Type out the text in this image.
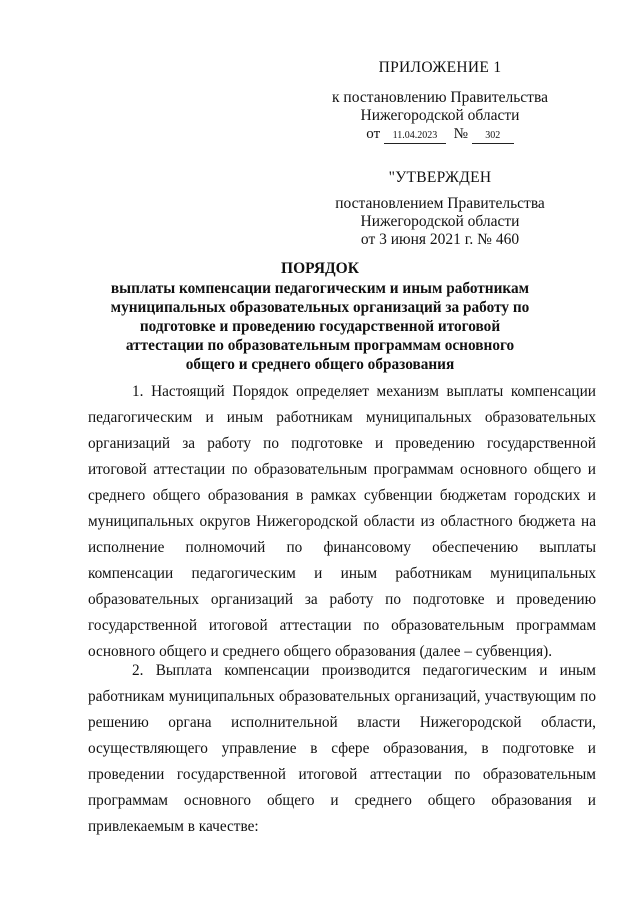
ПРИЛОЖЕНИЕ 1
к постановлению Правительства
Нижегородской области
от 11.04.2023 № 302
"УТВЕРЖДЕН
постановлением Правительства
Нижегородской области
от 3 июня 2021 г. № 460
ПОРЯДОК
выплаты компенсации педагогическим и иным работникам муниципальных образовательных организаций за работу по подготовке и проведению государственной итоговой аттестации по образовательным программам основного общего и среднего общего образования
1. Настоящий Порядок определяет механизм выплаты компенсации педагогическим и иным работникам муниципальных образовательных организаций за работу по подготовке и проведению государственной итоговой аттестации по образовательным программам основного общего и среднего общего образования в рамках субвенции бюджетам городских и муниципальных округов Нижегородской области из областного бюджета на исполнение полномочий по финансовому обеспечению выплаты компенсации педагогическим и иным работникам муниципальных образовательных организаций за работу по подготовке и проведению государственной итоговой аттестации по образовательным программам основного общего и среднего общего образования (далее – субвенция).
2. Выплата компенсации производится педагогическим и иным работникам муниципальных образовательных организаций, участвующим по решению органа исполнительной власти Нижегородской области, осуществляющего управление в сфере образования, в подготовке и проведении государственной итоговой аттестации по образовательным программам основного общего и среднего общего образования и привлекаемым в качестве:
